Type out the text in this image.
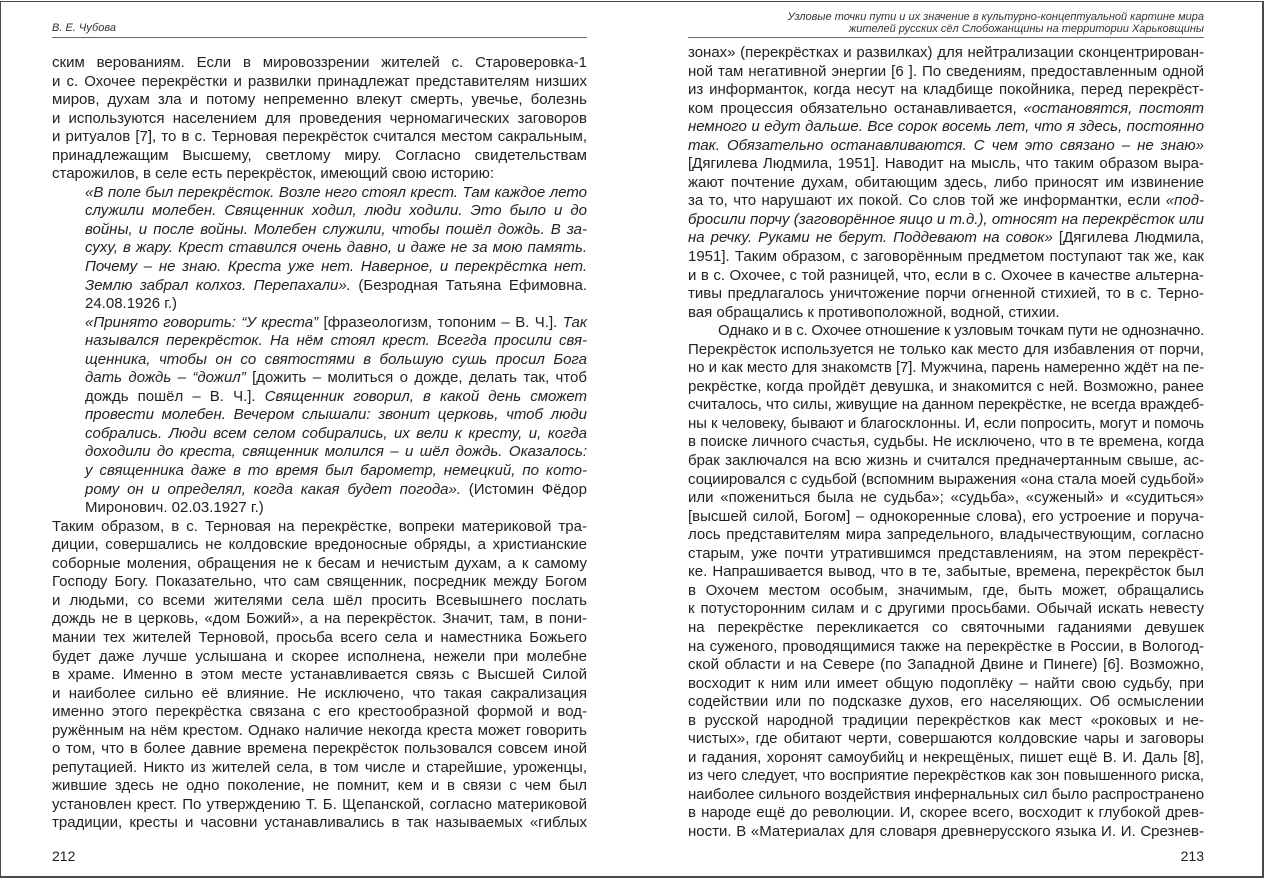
В. Е. Чубова
ским верованиям. Если в мировоззрении жителей с. Староверовка-1
и с. Охочее перекрёстки и развилки принадлежат представителям низших
миров, духам зла и потому непременно влекут смерть, увечье, болезнь
и используются населением для проведения черномагических заговоров
и ритуалов [7], то в с. Терновая перекрёсток считался местом сакральным,
принадлежащим Высшему, светлому миру. Согласно свидетельствам
старожилов, в селе есть перекрёсток, имеющий свою историю:
«В поле был перекрёсток. Возле него стоял крест. Там каждое лето
служили молебен. Священник ходил, люди ходили. Это было и до
войны, и после войны. Молебен служили, чтобы пошёл дождь. В за-
суху, в жару. Крест ставился очень давно, и даже не за мою память.
Почему – не знаю. Креста уже нет. Наверное, и перекрёстка нет.
Землю забрал колхоз. Перепахали». (Безродная Татьяна Ефимовна.
24.08.1926 г.)
«Принято говорить: “У креста” [фразеологизм, топоним – В. Ч.]. Так
назывался перекрёсток. На нём стоял крест. Всегда просили свя-
щенника, чтобы он со святостями в большую сушь просил Бога
дать дождь – “дожил” [дожить – молиться о дожде, делать так, чтоб
дождь пошёл – В. Ч.]. Священник говорил, в какой день сможет
провести молебен. Вечером слышали: звонит церковь, чтоб люди
собрались. Люди всем селом собирались, их вели к кресту, и, когда
доходили до креста, священник молился – и шёл дождь. Оказалось:
у священника даже в то время был барометр, немецкий, по кото-
рому он и определял, когда какая будет погода». (Истомин Фёдор
Миронович. 02.03.1927 г.)
Таким образом, в с. Терновая на перекрёстке, вопреки материковой тра-
диции, совершались не колдовские вредоносные обряды, а христианские
соборные моления, обращения не к бесам и нечистым духам, а к самому
Господу Богу. Показательно, что сам священник, посредник между Богом
и людьми, со всеми жителями села шёл просить Всевышнего послать
дождь не в церковь, «дом Божий», а на перекрёсток. Значит, там, в пони-
мании тех жителей Терновой, просьба всего села и наместника Божьего
будет даже лучше услышана и скорее исполнена, нежели при молебне
в храме. Именно в этом месте устанавливается связь с Высшей Силой
и наиболее сильно её влияние. Не исключено, что такая сакрализация
именно этого перекрёстка связана с его крестообразной формой и вод-
ружённым на нём крестом. Однако наличие некогда креста может говорить
о том, что в более давние времена перекрёсток пользовался совсем иной
репутацией. Никто из жителей села, в том числе и старейшие, уроженцы,
жившие здесь не одно поколение, не помнит, кем и в связи с чем был
установлен крест. По утверждению Т. Б. Щепанской, согласно материковой
традиции, кресты и часовни устанавливались в так называемых «гиблых
212
Узловые точки пути и их значение в культурно-концептуальной картине мира
жителей русских сёл Слобожанщины на территории Харьковщины
зонах» (перекрёстках и развилках) для нейтрализации сконцентрирован-
ной там негативной энергии [6 ]. По сведениям, предоставленным одной
из информанток, когда несут на кладбище покойника, перед перекрёст-
ком процессия обязательно останавливается, «остановятся, постоят
немного и едут дальше. Все сорок восемь лет, что я здесь, постоянно
так. Обязательно останавливаются. С чем это связано – не знаю»
[Дягилева Людмила, 1951]. Наводит на мысль, что таким образом выра-
жают почтение духам, обитающим здесь, либо приносят им извинение
за то, что нарушают их покой. Со слов той же информантки, если «под-
бросили порчу (заговорённое яицо и т.д.), относят на перекрёсток или
на речку. Руками не берут. Поддевают на совок» [Дягилева Людмила,
1951]. Таким образом, с заговорённым предметом поступают так же, как
и в с. Охочее, с той разницей, что, если в с. Охочее в качестве альтерна-
тивы предлагалось уничтожение порчи огненной стихией, то в с. Терно-
вая обращались к противоположной, водной, стихии.
Однако и в с. Охочее отношение к узловым точкам пути не однозначно.
Перекрёсток используется не только как место для избавления от порчи,
но и как место для знакомств [7]. Мужчина, парень намеренно ждёт на пе-
рекрёстке, когда пройдёт девушка, и знакомится с ней. Возможно, ранее
считалось, что силы, живущие на данном перекрёстке, не всегда враждеб-
ны к человеку, бывают и благосклонны. И, если попросить, могут и помочь
в поиске личного счастья, судьбы. Не исключено, что в те времена, когда
брак заключался на всю жизнь и считался предначертанным свыше, ас-
социировался с судьбой (вспомним выражения «она стала моей судьбой»
или «пожениться была не судьба»; «судьба», «суженый» и «судиться»
[высшей силой, Богом] – однокоренные слова), его устроение и поруча-
лось представителям мира запредельного, владычествующим, согласно
старым, уже почти утратившимся представлениям, на этом перекрёст-
ке. Напрашивается вывод, что в те, забытые, времена, перекрёсток был
в Охочем местом особым, значимым, где, быть может, обращались
к потусторонним силам и с другими просьбами. Обычай искать невесту
на перекрёстке перекликается со святочными гаданиями девушек
на суженого, проводящимися также на перекрёстке в России, в Вологод-
ской области и на Севере (по Западной Двине и Пинеге) [6]. Возможно,
восходит к ним или имеет общую подоплёку – найти свою судьбу, при
содействии или по подсказке духов, его населяющих. Об осмыслении
в русской народной традиции перекрёстков как мест «роковых и не-
чистых», где обитают черти, совершаются колдовские чары и заговоры
и гадания, хоронят самоубийц и некрещёных, пишет ещё В. И. Даль [8],
из чего следует, что восприятие перекрёстков как зон повышенного риска,
наиболее сильного воздействия инфернальных сил было распространено
в народе ещё до революции. И, скорее всего, восходит к глубокой древ-
ности. В «Материалах для словаря древнерусского языка И. И. Срезнев-
213
